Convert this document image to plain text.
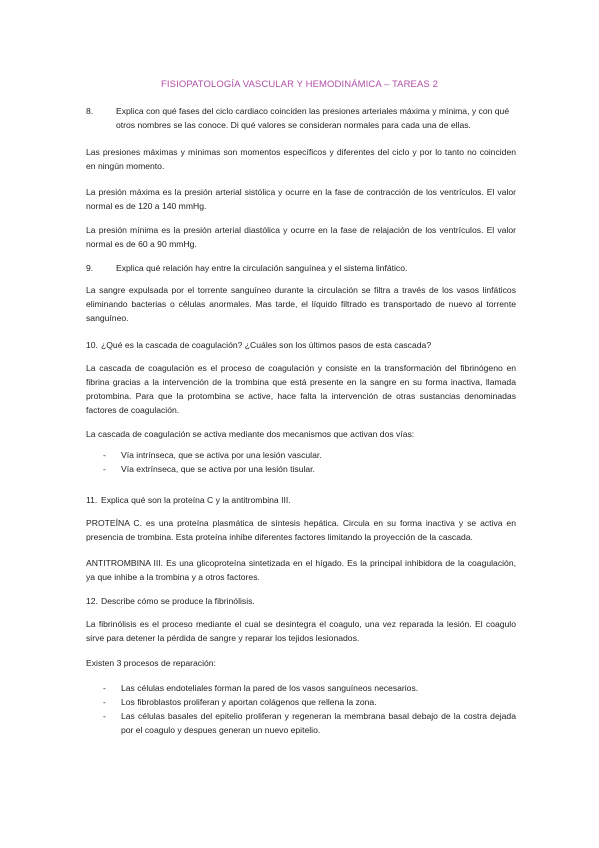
FISIOPATOLOGÍA VASCULAR Y HEMODINÁMICA – TAREAS 2
8.	Explica con qué fases del ciclo cardiaco coinciden las presiones arteriales máxima y mínima, y con qué otros nombres se las conoce. Di qué valores se consideran normales para cada una de ellas.
Las presiones máximas y mínimas son momentos específicos y diferentes del ciclo y por lo tanto no coinciden en ningún momento.
La presión máxima es la presión arterial sistólica y ocurre en la fase de contracción de los ventrículos. El valor normal es de 120 a 140 mmHg.
La presión mínima es la presión arterial diastólica y ocurre en la fase de relajación de los ventrículos. El valor normal es de 60 a 90 mmHg.
9.	Explica qué relación hay entre la circulación sanguínea y el sistema linfático.
La sangre expulsada por el torrente sanguíneo durante la circulación se filtra a través de los vasos linfáticos eliminando bacterias o células anormales. Mas tarde, el líquido filtrado es transportado de nuevo al torrente sanguíneo.
10. ¿Qué es la cascada de coagulación? ¿Cuáles son los últimos pasos de esta cascada?
La cascada de coagulación es el proceso de coagulación y consiste en la transformación del fibrinógeno en fibrina gracias a la intervención de la trombina que está presente en la sangre en su forma inactiva, llamada protombina. Para que la protombina se active, hace falta la intervención de otras sustancias denominadas factores de coagulación.
La cascada de coagulación se activa mediante dos mecanismos que activan dos vías:
-	Vía intrínseca, que se activa por una lesión vascular.
-	Vía extrínseca, que se activa por una lesión tisular.
11. Explica qué son la proteína C y la antitrombina III.
PROTEÍNA C. es una proteína plasmática de síntesis hepática. Circula en su forma inactiva y se activa en presencia de trombina. Esta proteína inhibe diferentes factores limitando la proyección de la cascada.
ANTITROMBINA III. Es una glicoproteína sintetizada en el hígado. Es la principal inhibidora de la coagulación, ya que inhibe a la trombina y a otros factores.
12. Describe cómo se produce la fibrinólisis.
La fibrinólisis es el proceso mediante el cual se desintegra el coagulo, una vez reparada la lesión. El coagulo sirve para detener la pérdida de sangre y reparar los tejidos lesionados.
Existen 3 procesos de reparación:
-	Las células endoteliales forman la pared de los vasos sanguíneos necesarios.
-	Los fibroblastos proliferan y aportan colágenos que rellena la zona.
-	Las células basales del epitelio proliferan y regeneran la membrana basal debajo de la costra dejada por el coagulo y despues generan un nuevo epitelio.
